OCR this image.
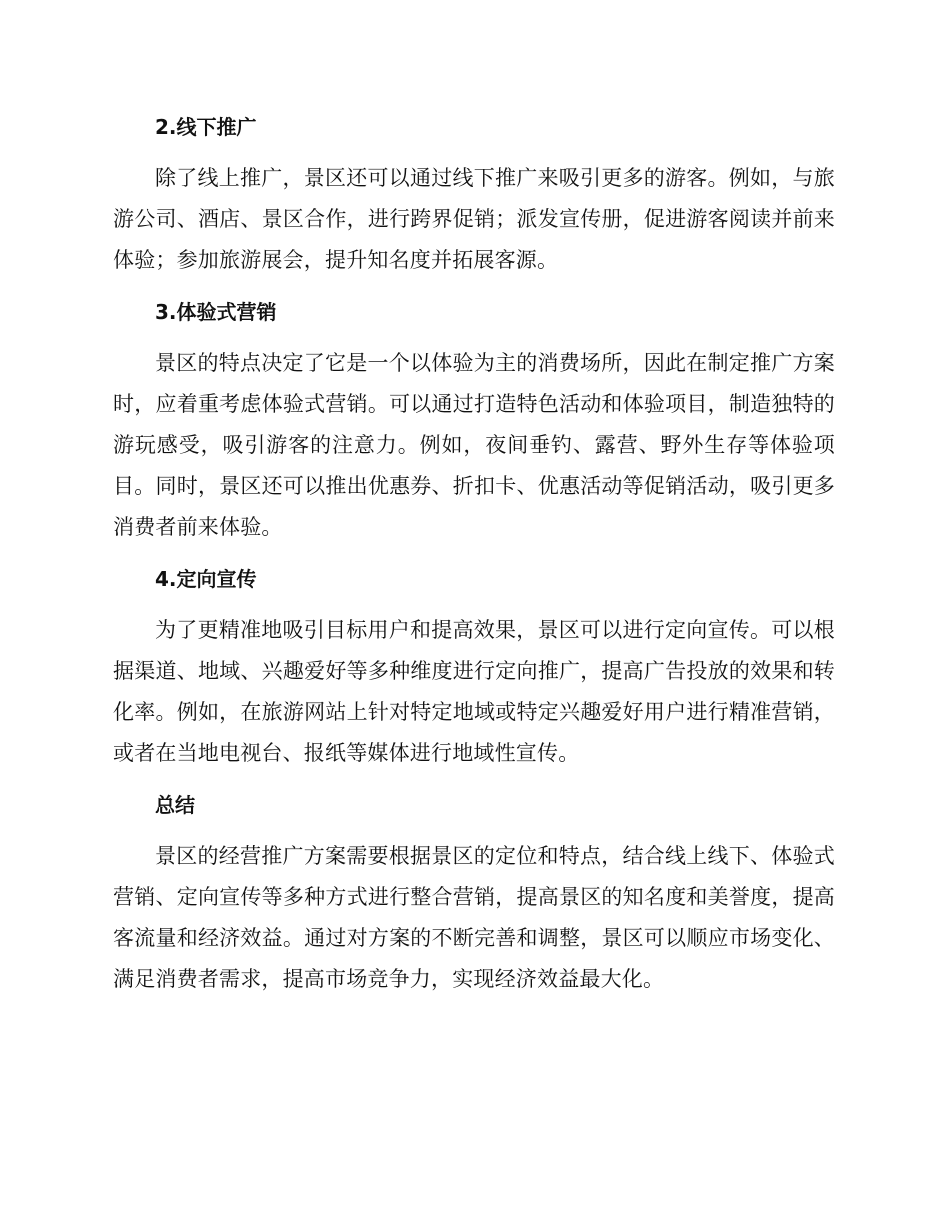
2.线下推广

除了线上推广，景区还可以通过线下推广来吸引更多的游客。例如，与旅游公司、酒店、景区合作，进行跨界促销；派发宣传册，促进游客阅读并前来体验；参加旅游展会，提升知名度并拓展客源。

3.体验式营销

景区的特点决定了它是一个以体验为主的消费场所，因此在制定推广方案时，应着重考虑体验式营销。可以通过打造特色活动和体验项目，制造独特的游玩感受，吸引游客的注意力。例如，夜间垂钓、露营、野外生存等体验项目。同时，景区还可以推出优惠券、折扣卡、优惠活动等促销活动，吸引更多消费者前来体验。

4.定向宣传

为了更精准地吸引目标用户和提高效果，景区可以进行定向宣传。可以根据渠道、地域、兴趣爱好等多种维度进行定向推广，提高广告投放的效果和转化率。例如，在旅游网站上针对特定地域或特定兴趣爱好用户进行精准营销，或者在当地电视台、报纸等媒体进行地域性宣传。

总结

景区的经营推广方案需要根据景区的定位和特点，结合线上线下、体验式营销、定向宣传等多种方式进行整合营销，提高景区的知名度和美誉度，提高客流量和经济效益。通过对方案的不断完善和调整，景区可以顺应市场变化、满足消费者需求，提高市场竞争力，实现经济效益最大化。
